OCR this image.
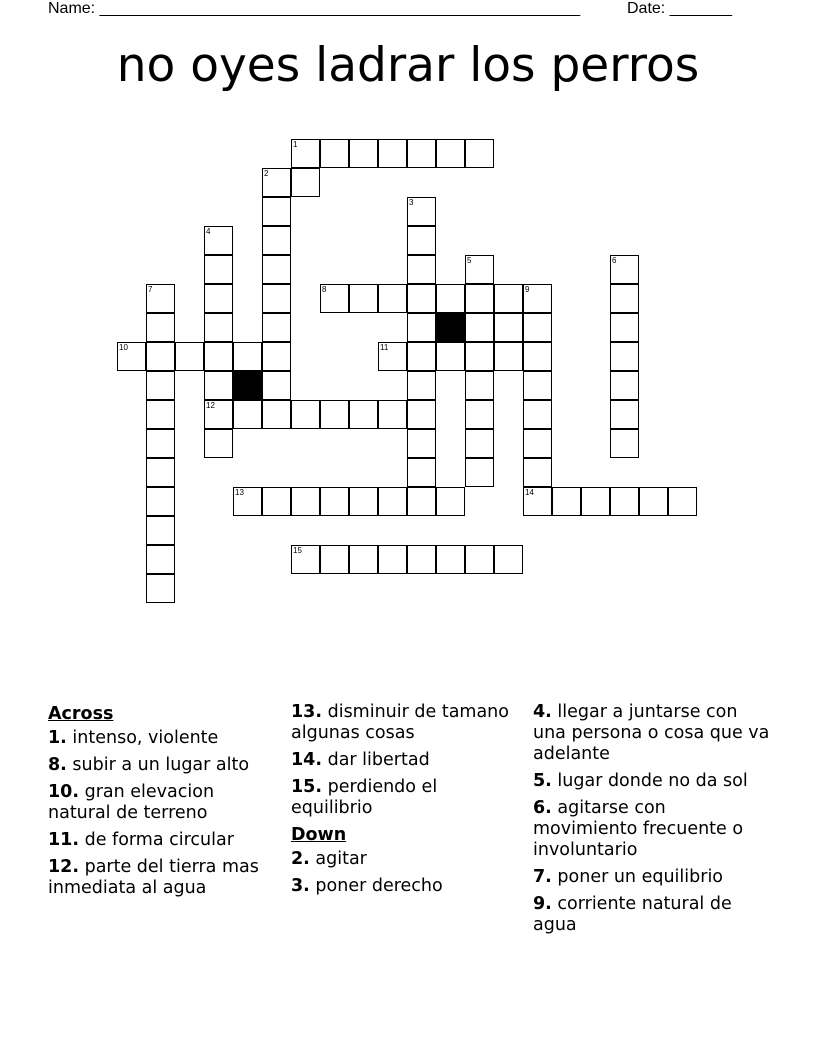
Name: ______________________________________________________	Date: _______
no oyes ladrar los perros
1
2
3
4
5	6
7	8	9
10	11
12
13	14
15
Across
1. intenso, violente
8. subir a un lugar alto
10. gran elevacion natural de terreno
11. de forma circular
12. parte del tierra mas inmediata al agua
13. disminuir de tamano algunas cosas
14. dar libertad
15. perdiendo el equilibrio
Down
2. agitar
3. poner derecho
4. llegar a juntarse con una persona o cosa que va adelante
5. lugar donde no da sol
6. agitarse con movimiento frecuente o involuntario
7. poner un equilibrio
9. corriente natural de agua
